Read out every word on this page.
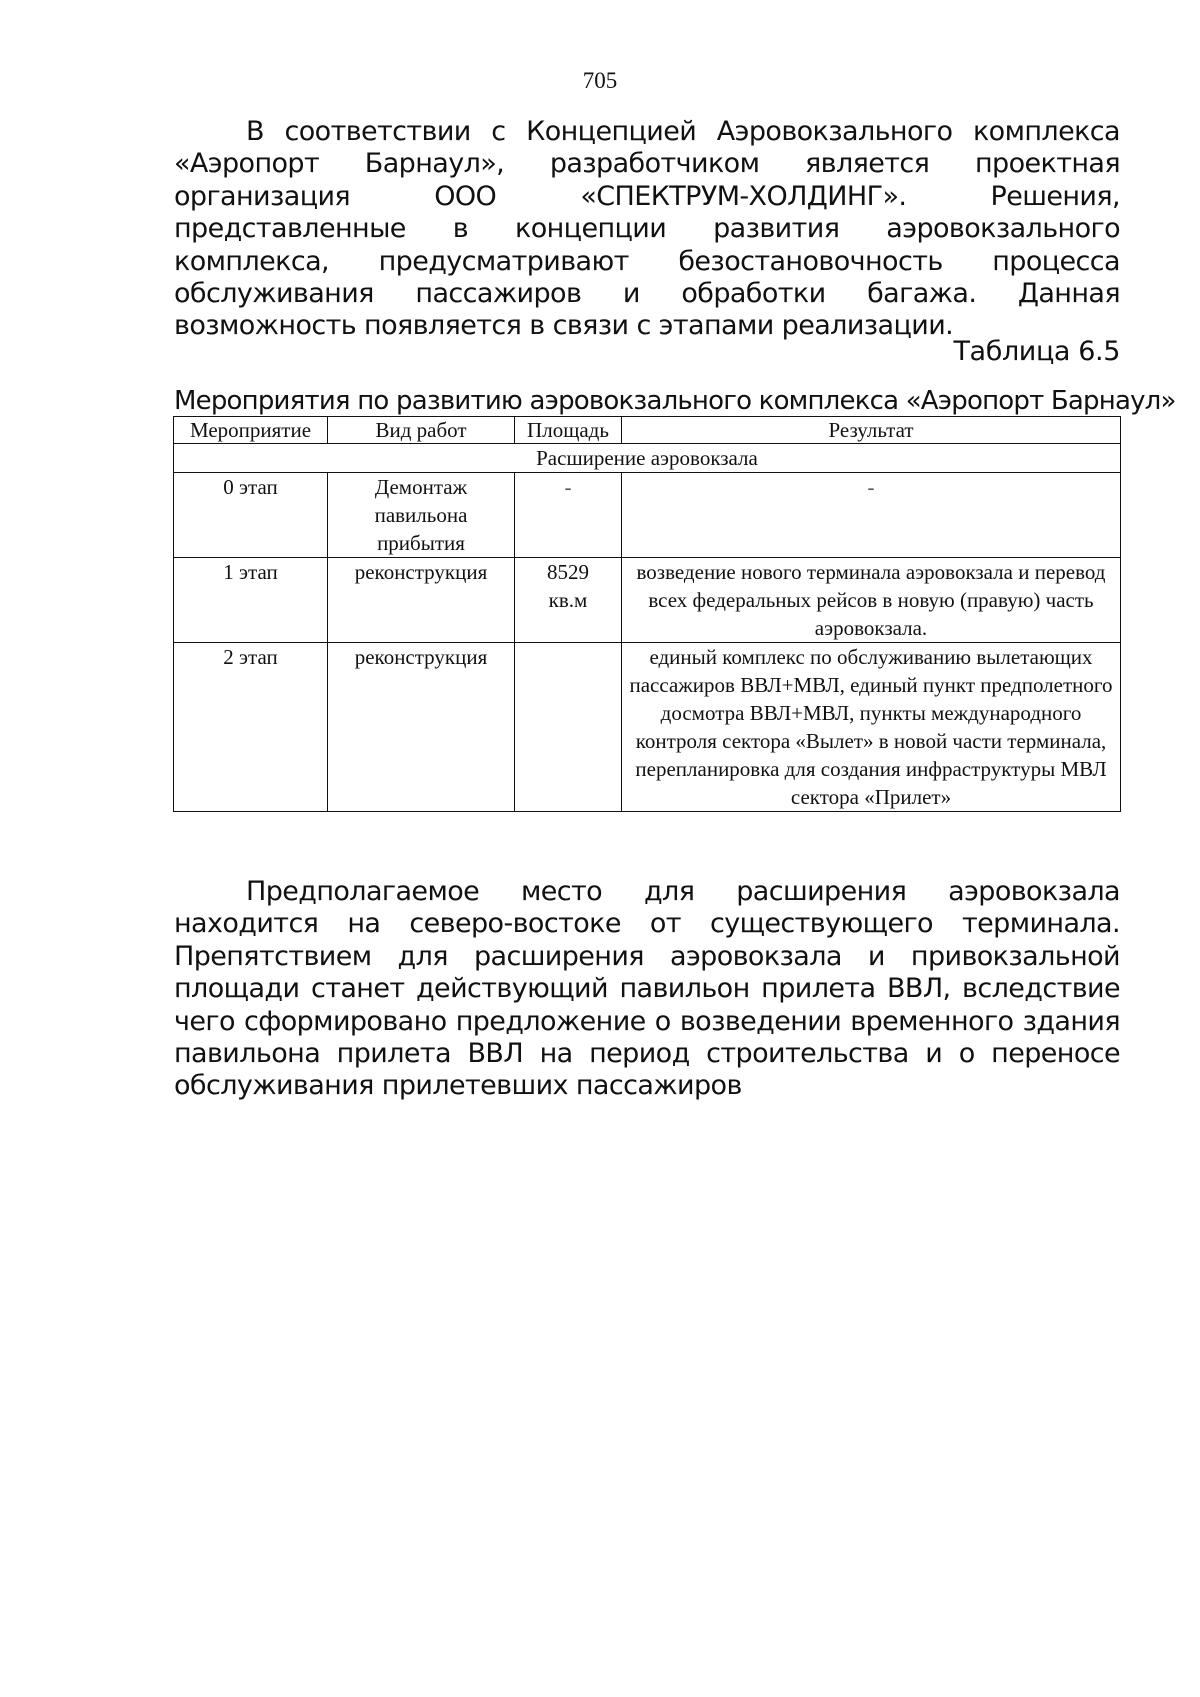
705

В соответствии с Концепцией Аэровокзального комплекса «Аэропорт Барнаул», разработчиком является проектная организация ООО «СПЕКТРУМ-ХОЛДИНГ». Решения, представленные в концепции развития аэровокзального комплекса, предусматривают безостановочность процесса обслуживания пассажиров и обработки багажа. Данная возможность появляется в связи с этапами реализации.

Таблица 6.5
Мероприятия по развитию аэровокзального комплекса «Аэропорт Барнаул»
Мероприятие	Вид работ	Площадь	Результат
Расширение аэровокзала			
0 этап	Демонтаж павильона прибытия	-	-
1 этап	реконструкция	8529 кв.м	возведение нового терминала аэровокзала и перевод всех федеральных рейсов в новую (правую) часть аэровокзала.
2 этап	реконструкция		единый комплекс по обслуживанию вылетающих пассажиров ВВЛ+МВЛ, единый пункт предполетного досмотра ВВЛ+МВЛ, пункты международного контроля сектора «Вылет» в новой части терминала, перепланировка для создания инфраструктуры МВЛ сектора «Прилет»

Предполагаемое место для расширения аэровокзала находится на северо-востоке от существующего терминала. Препятствием для расширения аэровокзала и привокзальной площади станет действующий павильон прилета ВВЛ, вследствие чего сформировано предложение о возведении временного здания павильона прилета ВВЛ на период строительства и о переносе обслуживания прилетевших пассажиров
